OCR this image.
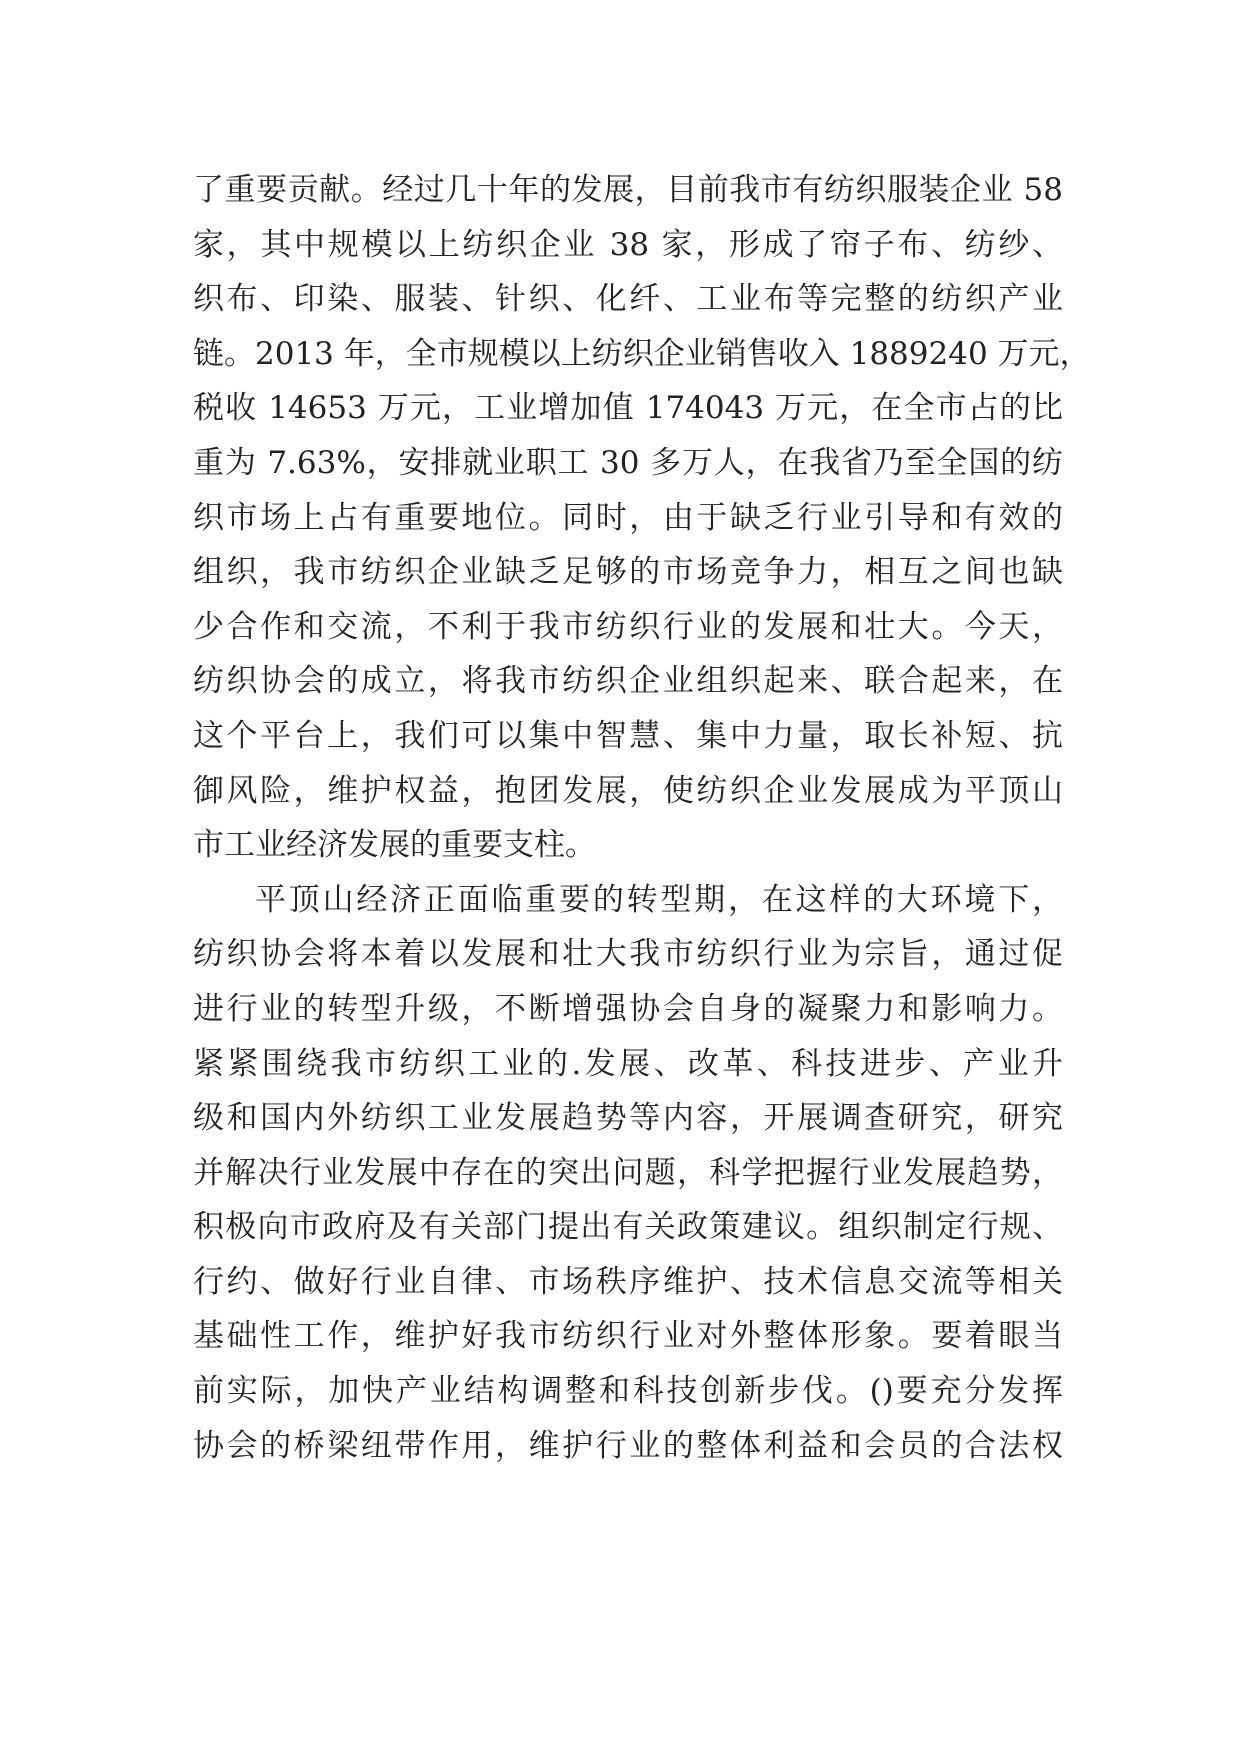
了重要贡献。经过几十年的发展，目前我市有纺织服装企业 58
家，其中规模以上纺织企业 38 家，形成了帘子布、纺纱、
织布、印染、服装、针织、化纤、工业布等完整的纺织产业
链。2013 年，全市规模以上纺织企业销售收入 1889240 万元，
税收 14653 万元，工业增加值 174043 万元，在全市占的比
重为 7.63%，安排就业职工 30 多万人，在我省乃至全国的纺
织市场上占有重要地位。同时，由于缺乏行业引导和有效的
组织，我市纺织企业缺乏足够的市场竞争力，相互之间也缺
少合作和交流，不利于我市纺织行业的发展和壮大。今天，
纺织协会的成立，将我市纺织企业组织起来、联合起来，在
这个平台上，我们可以集中智慧、集中力量，取长补短、抗
御风险，维护权益，抱团发展，使纺织企业发展成为平顶山
市工业经济发展的重要支柱。
平顶山经济正面临重要的转型期，在这样的大环境下，
纺织协会将本着以发展和壮大我市纺织行业为宗旨，通过促
进行业的转型升级，不断增强协会自身的凝聚力和影响力。
紧紧围绕我市纺织工业的.发展、改革、科技进步、产业升
级和国内外纺织工业发展趋势等内容，开展调查研究，研究
并解决行业发展中存在的突出问题，科学把握行业发展趋势，
积极向市政府及有关部门提出有关政策建议。组织制定行规、
行约、做好行业自律、市场秩序维护、技术信息交流等相关
基础性工作，维护好我市纺织行业对外整体形象。要着眼当
前实际，加快产业结构调整和科技创新步伐。()要充分发挥
协会的桥梁纽带作用，维护行业的整体利益和会员的合法权
